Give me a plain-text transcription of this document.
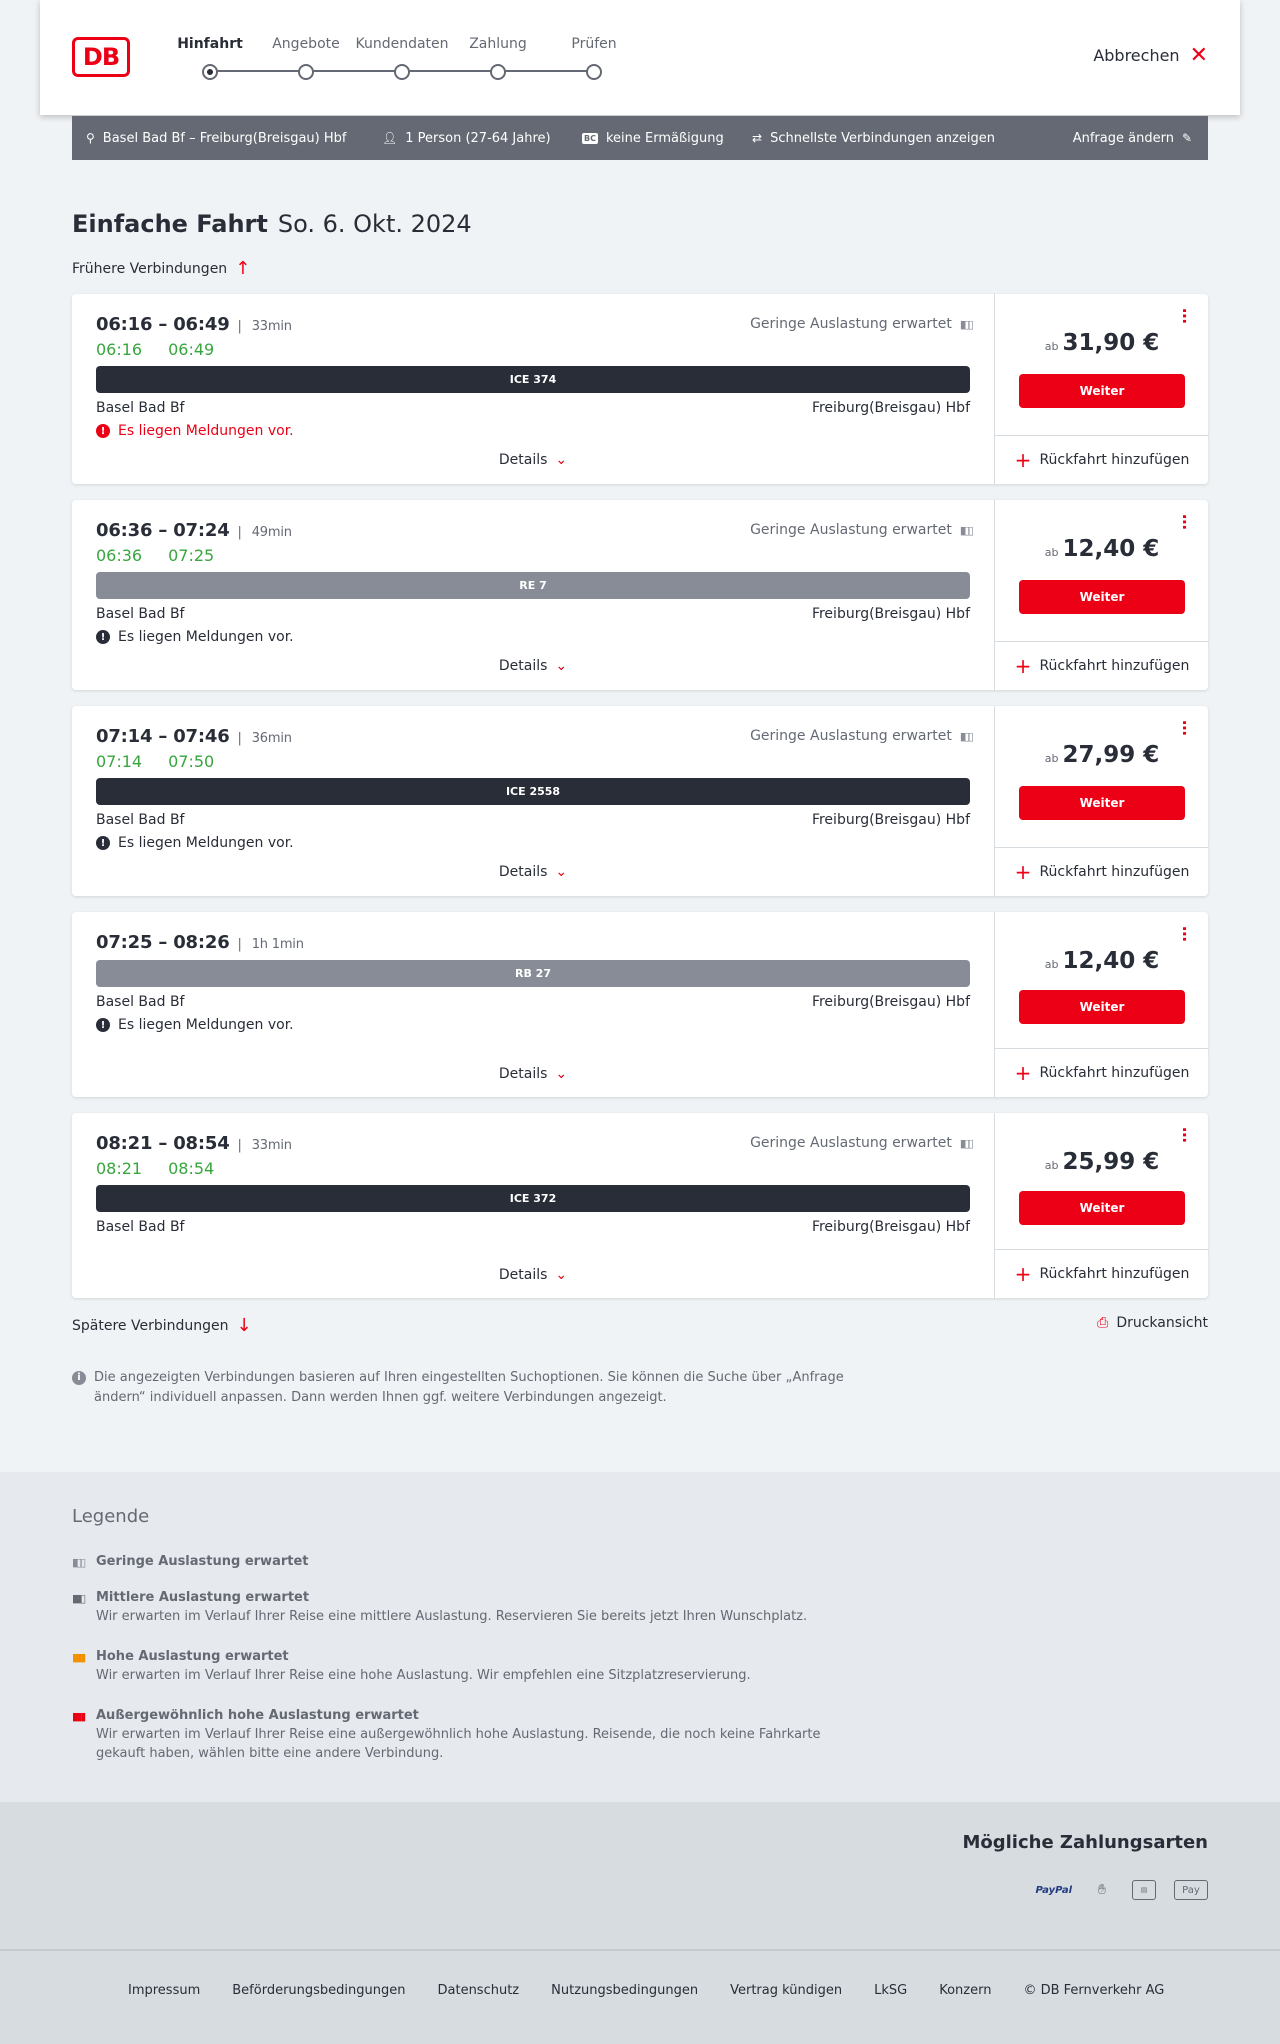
DB	Hinfahrt	Angebote	Kundendaten	Zahlung	Prüfen
Abbrechen ✕
⚲ Basel Bad Bf – Freiburg(Breisgau) Hbf	👤︎ 1 Person (27-64 Jahre)	BC keine Ermäßigung ⇄ Schnellste Verbindungen anzeigen	Anfrage ändern ✎
Einfache Fahrt So. 6. Okt. 2024
Frühere Verbindungen ↑
06:16 – 06:49 | 33min
06:16 06:49
Geringe Auslastung erwartet ▮▯▯
ICE 374
Basel Bad Bf	Freiburg(Breisgau) Hbf
! Es liegen Meldungen vor.
Details ⌄
⋯
ab 31,90 €
Weiter
+ Rückfahrt hinzufügen
06:36 – 07:24 | 49min
06:36 07:25
Geringe Auslastung erwartet ▮▯▯
RE 7
Basel Bad Bf	Freiburg(Breisgau) Hbf
! Es liegen Meldungen vor.
Details ⌄
⋯
ab 12,40 €
Weiter
+ Rückfahrt hinzufügen
07:14 – 07:46 | 36min
07:14 07:50
Geringe Auslastung erwartet ▮▯▯
ICE 2558
Basel Bad Bf	Freiburg(Breisgau) Hbf
! Es liegen Meldungen vor.
Details ⌄
⋯
ab 27,99 €
Weiter
+ Rückfahrt hinzufügen
07:25 – 08:26 | 1h 1min
RB 27
Basel Bad Bf	Freiburg(Breisgau) Hbf
! Es liegen Meldungen vor.
Details ⌄
⋯
ab 12,40 €
Weiter
+ Rückfahrt hinzufügen
08:21 – 08:54 | 33min
08:21 08:54
Geringe Auslastung erwartet ▮▯▯
ICE 372
Basel Bad Bf	Freiburg(Breisgau) Hbf
Details ⌄
⋯
ab 25,99 €
Weiter
+ Rückfahrt hinzufügen
Spätere Verbindungen ↓	⎙ Druckansicht
i	Die angezeigten Verbindungen basieren auf Ihren eingestellten Suchoptionen. Sie können die Suche über „Anfrage ändern“ individuell anpassen. Dann werden Ihnen ggf. weitere Verbindungen angezeigt.
Legende
▮▯▯ Geringe Auslastung erwartet
▮▮▯ Mittlere Auslastung erwartet
Wir erwarten im Verlauf Ihrer Reise eine mittlere Auslastung. Reservieren Sie bereits jetzt Ihren Wunschplatz.
▮▮▮ Hohe Auslastung erwartet
Wir erwarten im Verlauf Ihrer Reise eine hohe Auslastung. Wir empfehlen eine Sitzplatzreservierung.
▮▮▮ Außergewöhnlich hohe Auslastung erwartet
Wir erwarten im Verlauf Ihrer Reise eine außergewöhnlich hohe Auslastung. Reisende, die noch keine Fahrkarte gekauft haben, wählen bitte eine andere Verbindung.
Mögliche Zahlungsarten
PayPal	✋︎	▤	Pay
Impressum Beförderungsbedingungen Datenschutz Nutzungsbedingungen Vertrag kündigen LkSG Konzern © DB Fernverkehr AG
